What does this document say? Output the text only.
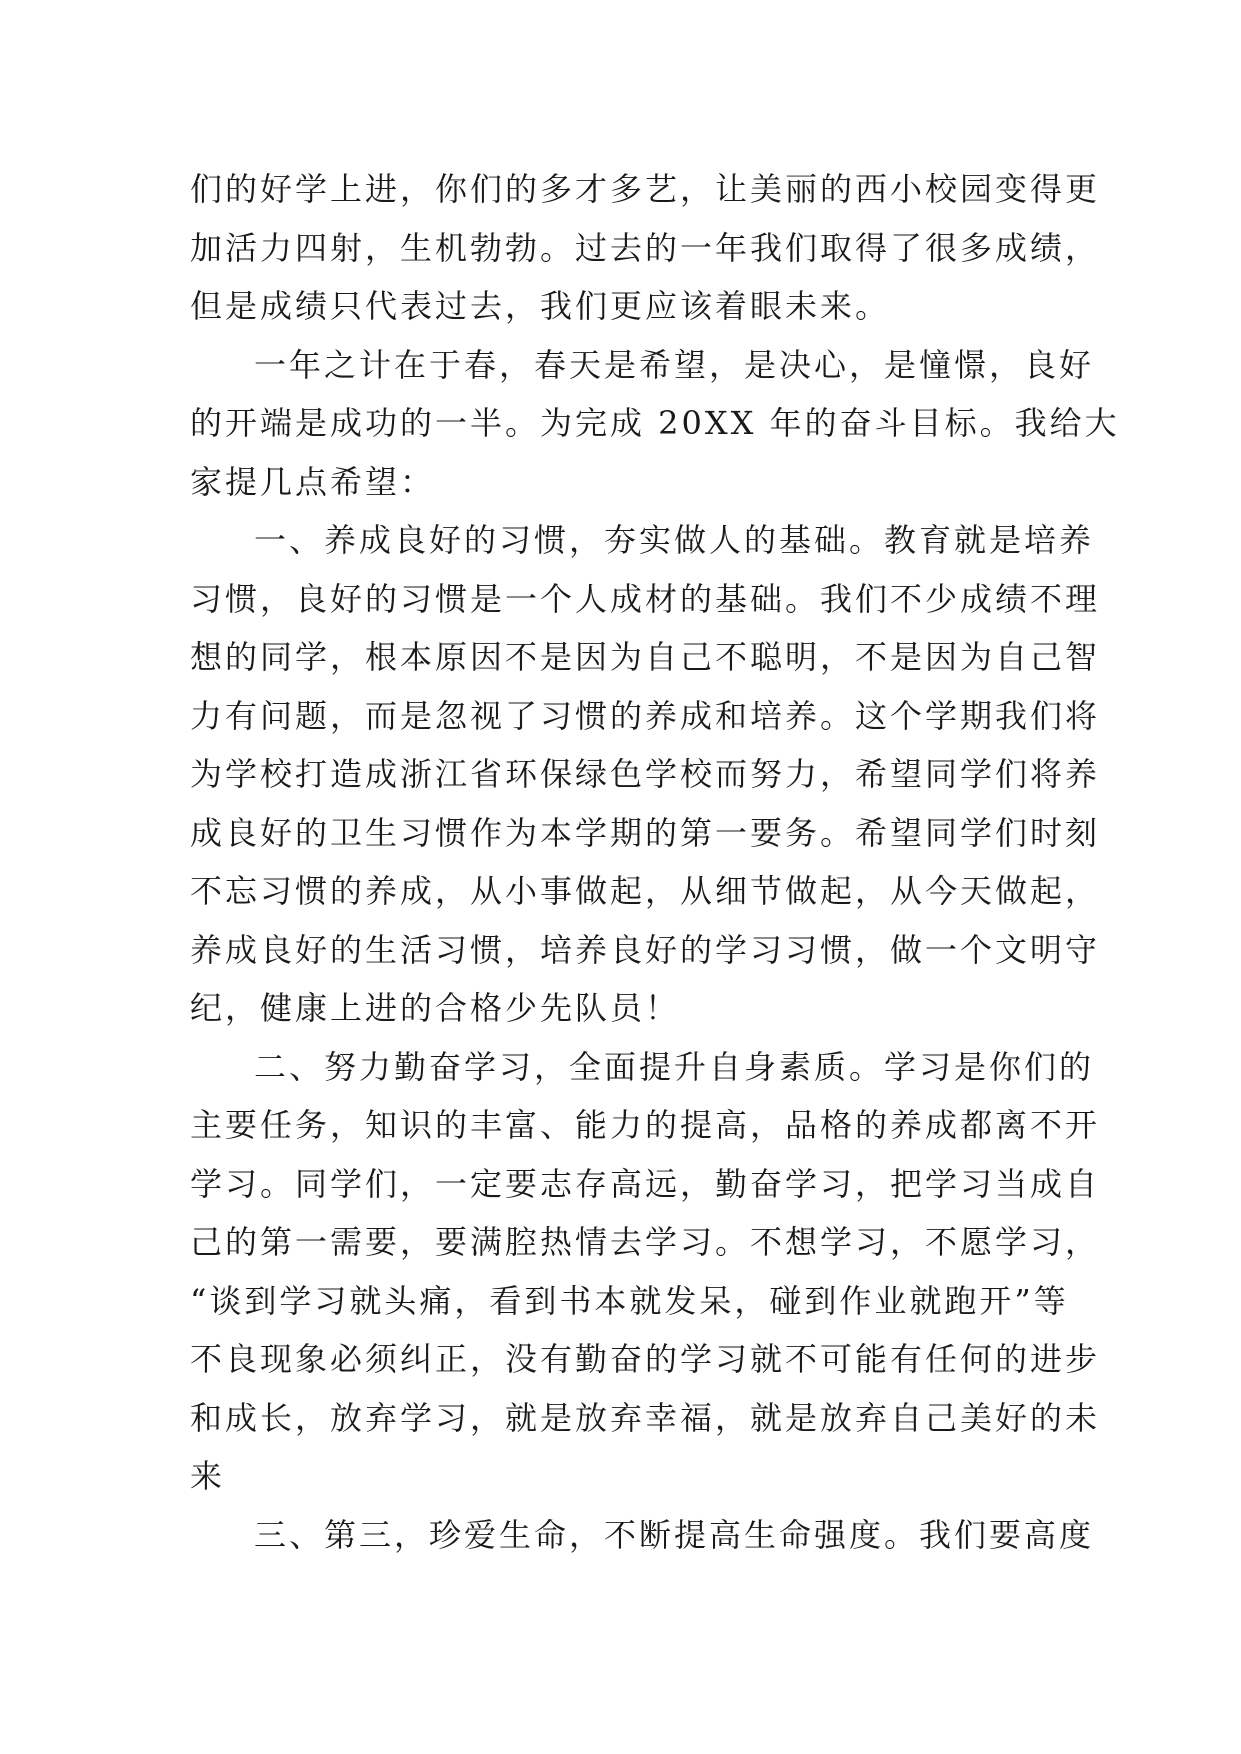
们的好学上进，你们的多才多艺，让美丽的西小校园变得更
加活力四射，生机勃勃。过去的一年我们取得了很多成绩，
但是成绩只代表过去，我们更应该着眼未来。
一年之计在于春，春天是希望，是决心，是憧憬，良好
的开端是成功的一半。为完成 20XX 年的奋斗目标。我给大
家提几点希望：
一、养成良好的习惯，夯实做人的基础。教育就是培养
习惯，良好的习惯是一个人成材的基础。我们不少成绩不理
想的同学，根本原因不是因为自己不聪明，不是因为自己智
力有问题，而是忽视了习惯的养成和培养。这个学期我们将
为学校打造成浙江省环保绿色学校而努力，希望同学们将养
成良好的卫生习惯作为本学期的第一要务。希望同学们时刻
不忘习惯的养成，从小事做起，从细节做起，从今天做起，
养成良好的生活习惯，培养良好的学习习惯，做一个文明守
纪，健康上进的合格少先队员！
二、努力勤奋学习，全面提升自身素质。学习是你们的
主要任务，知识的丰富、能力的提高，品格的养成都离不开
学习。同学们，一定要志存高远，勤奋学习，把学习当成自
己的第一需要，要满腔热情去学习。不想学习，不愿学习，
“谈到学习就头痛，看到书本就发呆，碰到作业就跑开”等
不良现象必须纠正，没有勤奋的学习就不可能有任何的进步
和成长，放弃学习，就是放弃幸福，就是放弃自己美好的未
来
三、第三，珍爱生命，不断提高生命强度。我们要高度
